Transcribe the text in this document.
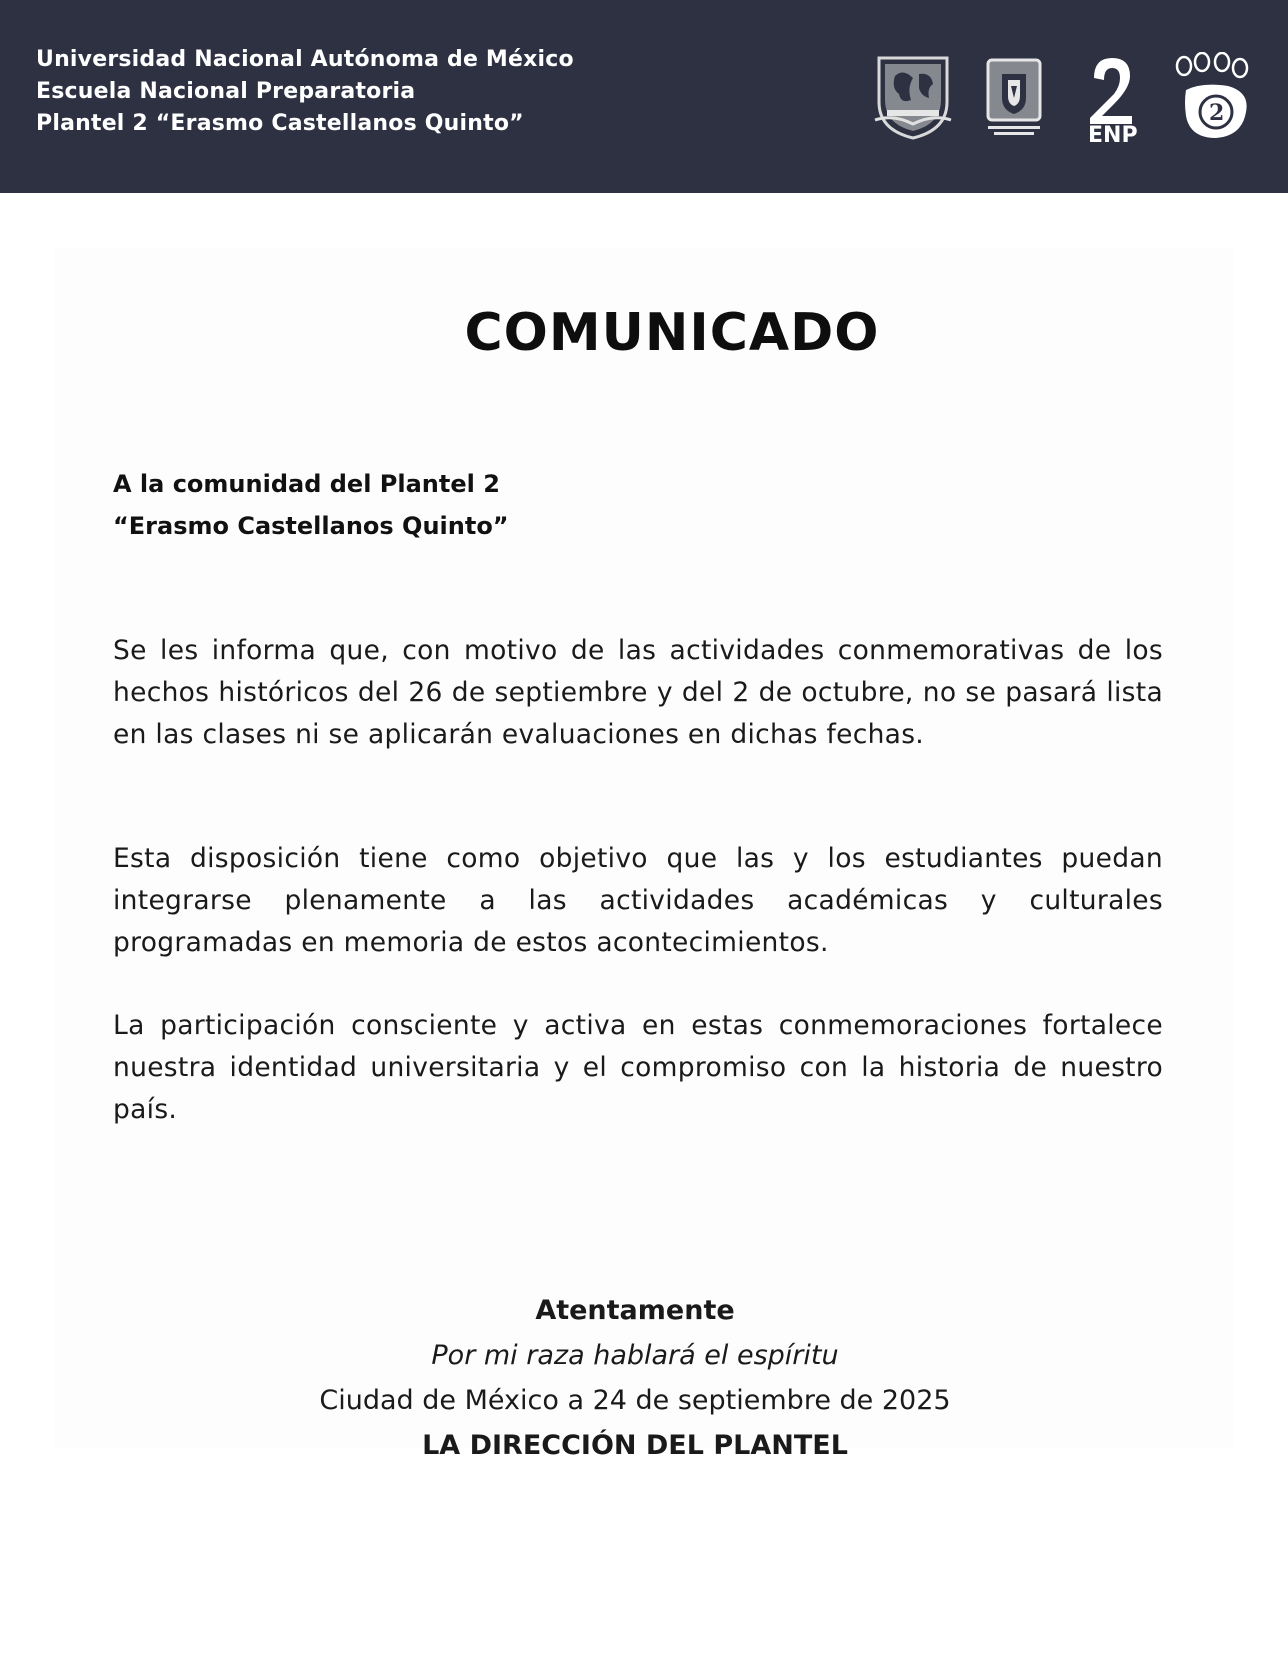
Universidad Nacional Autónoma de México
Escuela Nacional Preparatoria
Plantel 2 “Erasmo Castellanos Quinto”	ENP
2
COMUNICADO
A la comunidad del Plantel 2
“Erasmo Castellanos Quinto”
Se les informa que, con motivo de las actividades conmemorativas de los hechos históricos del 26 de septiembre y del 2 de octubre, no se pasará lista en las clases ni se aplicarán evaluaciones en dichas fechas.
Esta disposición tiene como objetivo que las y los estudiantes puedan integrarse plenamente a las actividades académicas y culturales programadas en memoria de estos acontecimientos.
La participación consciente y activa en estas conmemoraciones fortalece nuestra identidad universitaria y el compromiso con la historia de nuestro país.
Atentamente
Por mi raza hablará el espíritu
Ciudad de México a 24 de septiembre de 2025
LA DIRECCIÓN DEL PLANTEL
